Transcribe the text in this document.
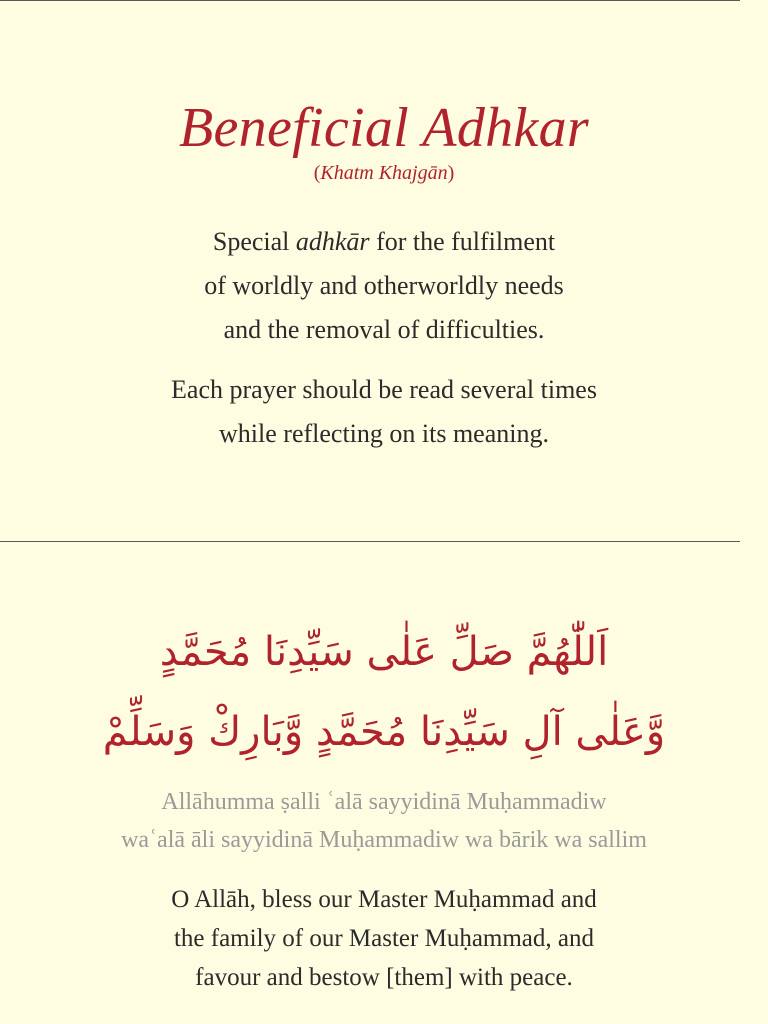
Beneficial Adhkar
(Khatm Khajgān)
Special adhkār for the fulfilment
of worldly and otherworldly needs
and the removal of difficulties.
Each prayer should be read several times
while reflecting on its meaning.
اَللّٰهُمَّ صَلِّ عَلٰى سَيِّدِنَا مُحَمَّدٍ
وَّعَلٰى آلِ سَيِّدِنَا مُحَمَّدٍ وَّبَارِكْ وَسَلِّمْ
Allāhumma ṣalli ʿalā sayyidinā Muḥammadiw
waʿalā āli sayyidinā Muḥammadiw wa bārik wa sallim
O Allāh, bless our Master Muḥammad and
the family of our Master Muḥammad, and
favour and bestow [them] with peace.
